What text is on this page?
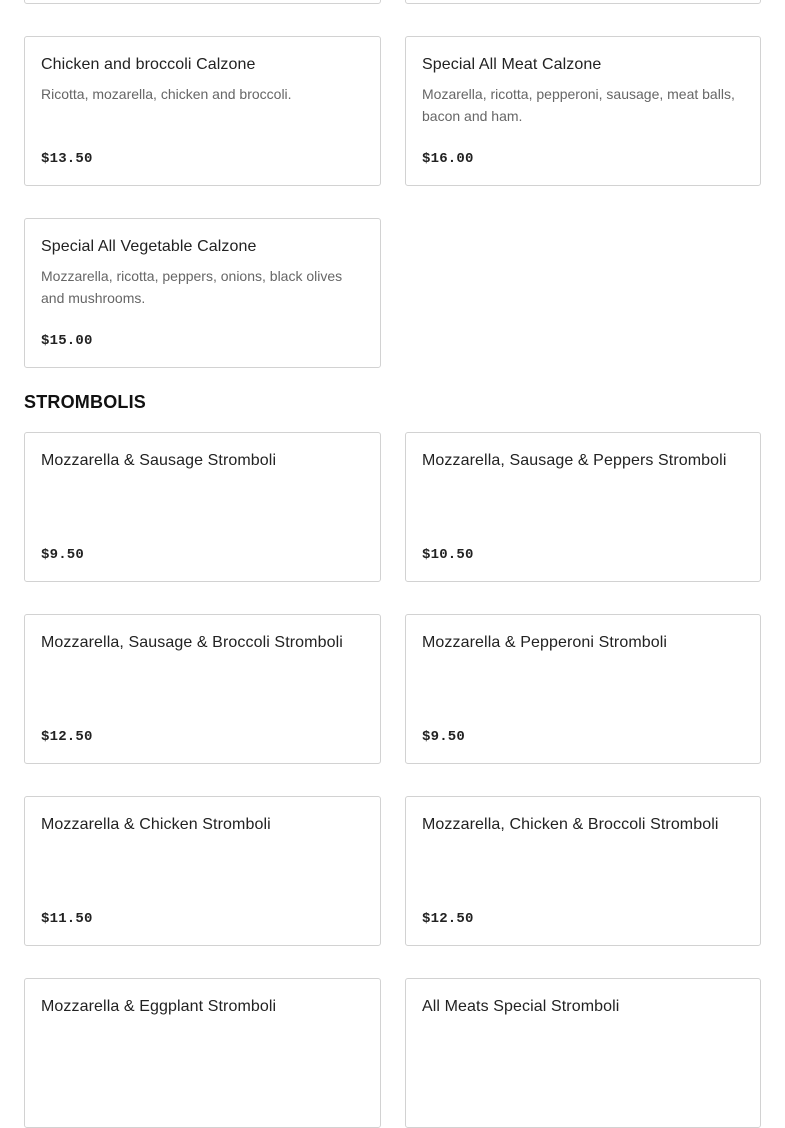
Chicken and broccoli Calzone
Ricotta, mozarella, chicken and broccoli.
$13.50
Special All Meat Calzone
Mozarella, ricotta, pepperoni, sausage, meat balls, bacon and ham.
$16.00
Special All Vegetable Calzone
Mozzarella, ricotta, peppers, onions, black olives and mushrooms.
$15.00
STROMBOLIS
Mozzarella & Sausage Stromboli
$9.50
Mozzarella, Sausage & Peppers Stromboli
$10.50
Mozzarella, Sausage & Broccoli Stromboli
$12.50
Mozzarella & Pepperoni Stromboli
$9.50
Mozzarella & Chicken Stromboli
$11.50
Mozzarella, Chicken & Broccoli Stromboli
$12.50
Mozzarella & Eggplant Stromboli	All Meats Special Stromboli
